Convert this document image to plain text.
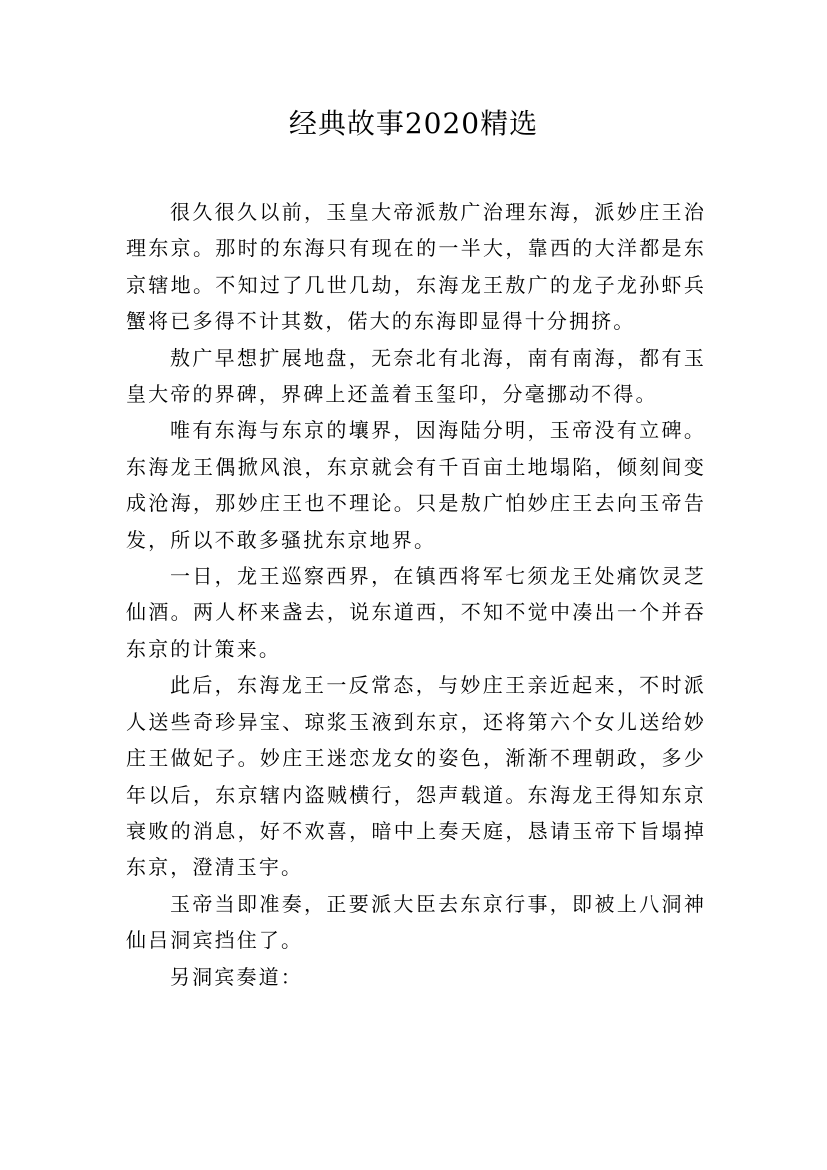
经典故事2020精选

很久很久以前，玉皇大帝派敖广治理东海，派妙庄王治理东京。那时的东海只有现在的一半大，靠西的大洋都是东京辖地。不知过了几世几劫，东海龙王敖广的龙子龙孙虾兵蟹将已多得不计其数，偌大的东海即显得十分拥挤。

敖广早想扩展地盘，无奈北有北海，南有南海，都有玉皇大帝的界碑，界碑上还盖着玉玺印，分毫挪动不得。

唯有东海与东京的壤界，因海陆分明，玉帝没有立碑。东海龙王偶掀风浪，东京就会有千百亩土地塌陷，倾刻间变成沧海，那妙庄王也不理论。只是敖广怕妙庄王去向玉帝告发，所以不敢多骚扰东京地界。

一日，龙王巡察西界，在镇西将军七须龙王处痛饮灵芝仙酒。两人杯来盏去，说东道西，不知不觉中凑出一个并吞东京的计策来。

此后，东海龙王一反常态，与妙庄王亲近起来，不时派人送些奇珍异宝、琼浆玉液到东京，还将第六个女儿送给妙庄王做妃子。妙庄王迷恋龙女的姿色，渐渐不理朝政，多少年以后，东京辖内盗贼横行，怨声载道。东海龙王得知东京衰败的消息，好不欢喜，暗中上奏天庭，恳请玉帝下旨塌掉东京，澄清玉宇。

玉帝当即准奏，正要派大臣去东京行事，即被上八洞神仙吕洞宾挡住了。

另洞宾奏道：
